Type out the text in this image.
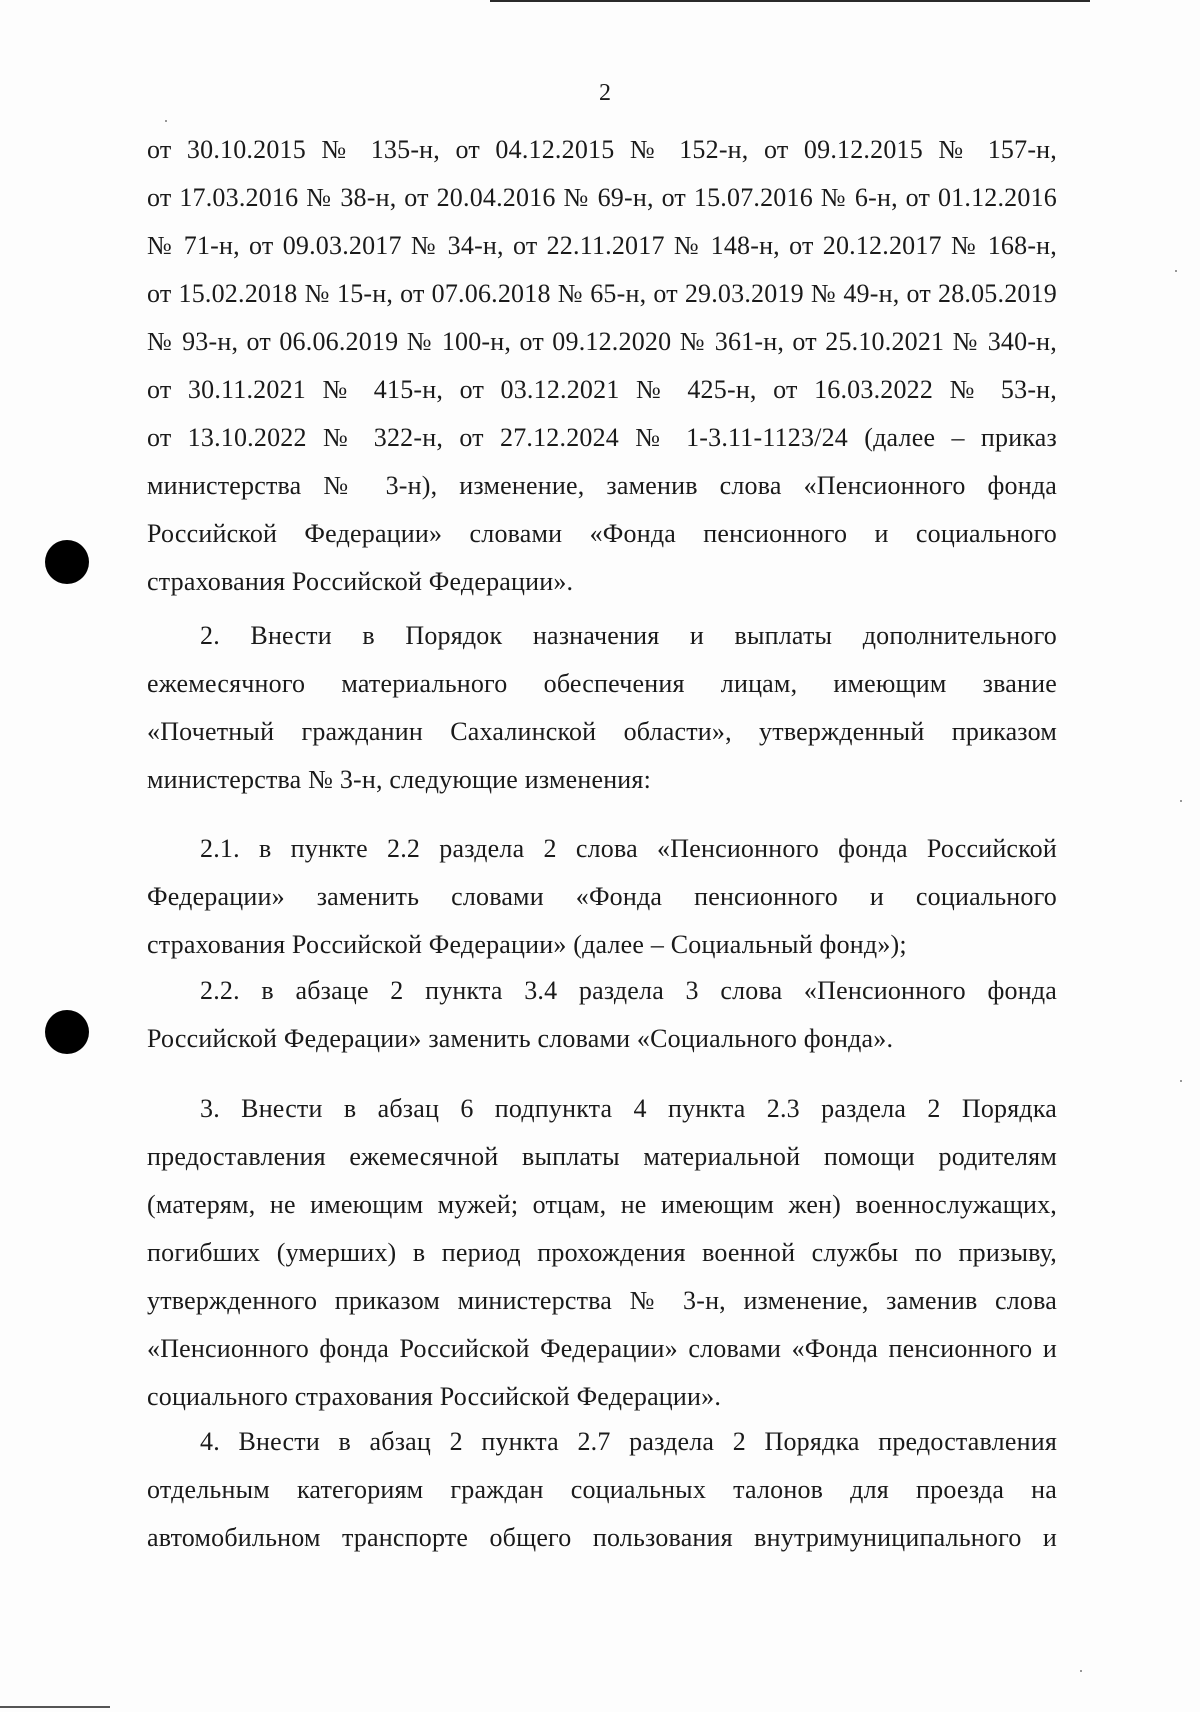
2
от 30.10.2015 № 135-н, от 04.12.2015 № 152-н, от 09.12.2015 № 157-н,
от 17.03.2016 № 38-н, от 20.04.2016 № 69-н, от 15.07.2016 № 6-н, от 01.12.2016
№ 71-н, от 09.03.2017 № 34-н, от 22.11.2017 № 148-н, от 20.12.2017 № 168-н,
от 15.02.2018 № 15-н, от 07.06.2018 № 65-н, от 29.03.2019 № 49-н, от 28.05.2019
№ 93-н, от 06.06.2019 № 100-н, от 09.12.2020 № 361-н, от 25.10.2021 № 340-н,
от 30.11.2021 № 415-н, от 03.12.2021 № 425-н, от 16.03.2022 № 53-н,
от 13.10.2022 № 322-н, от 27.12.2024 № 1-3.11-1123/24 (далее – приказ
министерства № 3-н), изменение, заменив слова «Пенсионного фонда
Российской Федерации» словами «Фонда пенсионного и социального
страхования Российской Федерации».
2. Внести в Порядок назначения и выплаты дополнительного
ежемесячного материального обеспечения лицам, имеющим звание
«Почетный гражданин Сахалинской области», утвержденный приказом
министерства № 3-н, следующие изменения:
2.1. в пункте 2.2 раздела 2 слова «Пенсионного фонда Российской
Федерации» заменить словами «Фонда пенсионного и социального
страхования Российской Федерации» (далее – Социальный фонд»);
2.2. в абзаце 2 пункта 3.4 раздела 3 слова «Пенсионного фонда
Российской Федерации» заменить словами «Социального фонда».
3. Внести в абзац 6 подпункта 4 пункта 2.3 раздела 2 Порядка
предоставления ежемесячной выплаты материальной помощи родителям
(матерям, не имеющим мужей; отцам, не имеющим жен) военнослужащих,
погибших (умерших) в период прохождения военной службы по призыву,
утвержденного приказом министерства № 3-н, изменение, заменив слова
«Пенсионного фонда Российской Федерации» словами «Фонда пенсионного и
социального страхования Российской Федерации».
4. Внести в абзац 2 пункта 2.7 раздела 2 Порядка предоставления
отдельным категориям граждан социальных талонов для проезда на
автомобильном транспорте общего пользования внутримуниципального и
